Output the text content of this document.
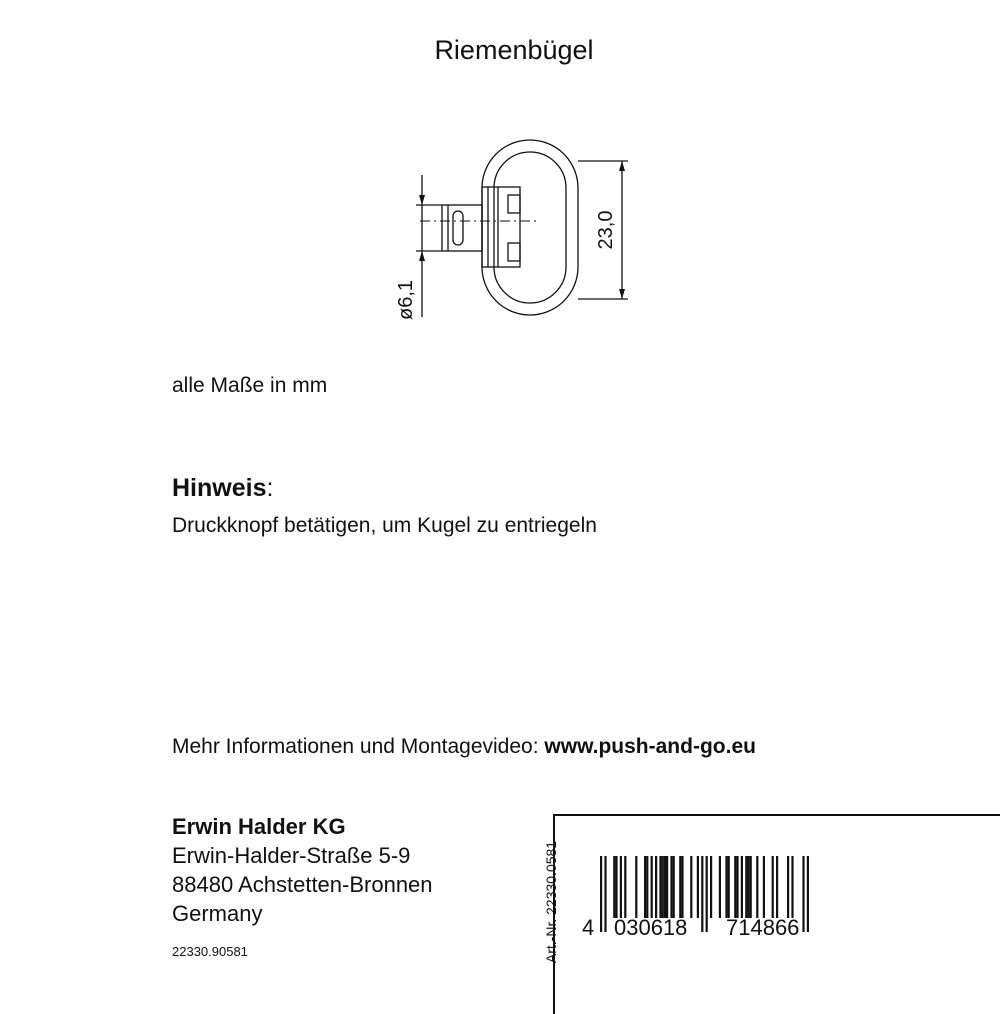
Riemenbügel
23,0
ø6,1
alle Maße in mm
Hinweis:
Druckknopf betätigen, um Kugel zu entriegeln
Mehr Informationen und Montagevideo: www.push-and-go.eu
Erwin Halder KG
Erwin-Halder-Straße 5-9
88480 Achstetten-Bronnen
Germany
22330.90581	Art.-Nr. 22330.0581 4 030618 714866
